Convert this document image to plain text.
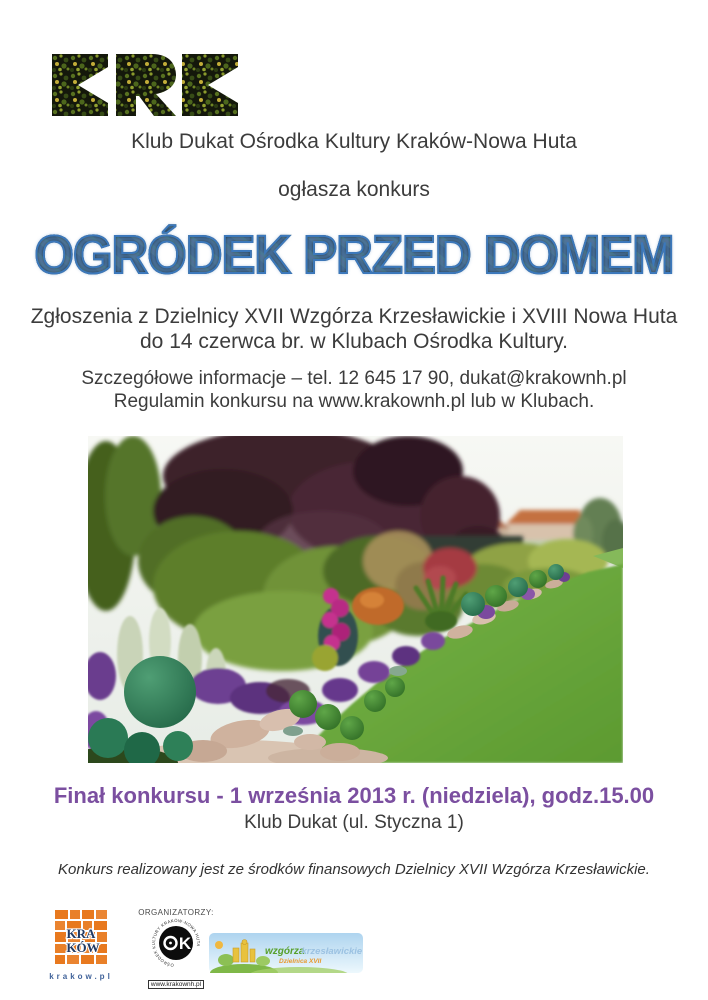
Klub Dukat Ośrodka Kultury Kraków-Nowa Huta
ogłasza konkurs
OGRÓDEK PRZED DOMEM
Zgłoszenia z Dzielnicy XVII Wzgórza Krzesławickie i XVIII Nowa Huta
do 14 czerwca br. w Klubach Ośrodka Kultury.
Szczegółowe informacje – tel. 12 645 17 90, dukat@krakownh.pl
Regulamin konkursu na www.krakownh.pl lub w Klubach.
Finał konkursu - 1 września 2013 r. (niedziela), godz.15.00
Klub Dukat (ul. Styczna 1)
Konkurs realizowany jest ze środków finansowych Dzielnicy XVII Wzgórza Krzesławickie.
KRA
KÓW
krakow.pl
ORGANIZATORZY:
OŚRODEK KULTURY KRAKÓW-NOWA HUTA
K
www.krakownh.pl
wzgórzakrzesławickie
Dzielnica XVII
